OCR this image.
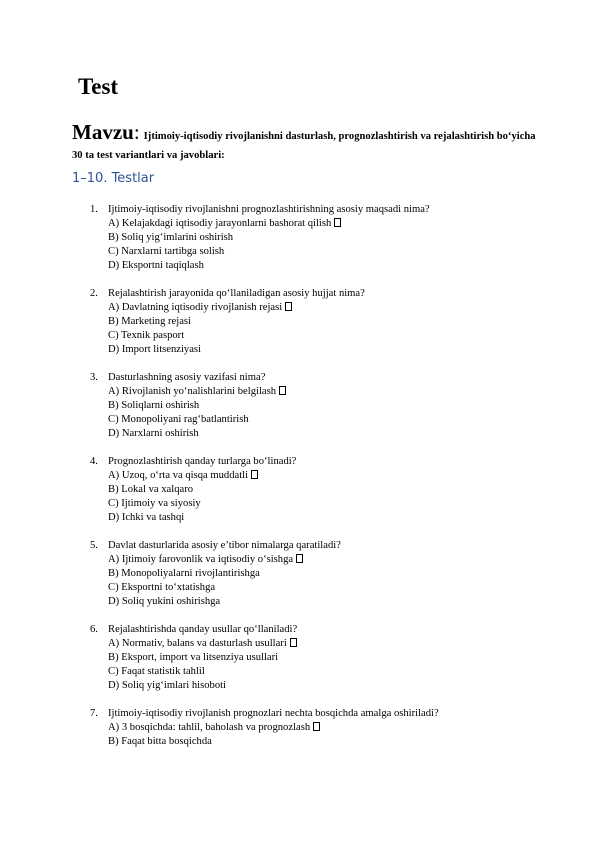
Test

Mavzu: Ijtimoiy-iqtisodiy rivojlanishni dasturlash, prognozlashtirish va rejalashtirish bo‘yicha 30 ta test variantlari va javoblari:

1–10. Testlar
1. Ijtimoiy-iqtisodiy rivojlanishni prognozlashtirishning asosiy maqsadi nima?
A) Kelajakdagi iqtisodiy jarayonlarni bashorat qilish
B) Soliq yig‘imlarini oshirish
C) Narxlarni tartibga solish
D) Eksportni taqiqlash
2. Rejalashtirish jarayonida qo‘llaniladigan asosiy hujjat nima?
A) Davlatning iqtisodiy rivojlanish rejasi
B) Marketing rejasi
C) Texnik pasport
D) Import litsenziyasi
3. Dasturlashning asosiy vazifasi nima?
A) Rivojlanish yo‘nalishlarini belgilash
B) Soliqlarni oshirish
C) Monopoliyani rag‘batlantirish
D) Narxlarni oshirish
4. Prognozlashtirish qanday turlarga bo‘linadi?
A) Uzoq, o‘rta va qisqa muddatli
B) Lokal va xalqaro
C) Ijtimoiy va siyosiy
D) Ichki va tashqi
5. Davlat dasturlarida asosiy e’tibor nimalarga qaratiladi?
A) Ijtimoiy farovonlik va iqtisodiy o‘sishga
B) Monopoliyalarni rivojlantirishga
C) Eksportni to‘xtatishga
D) Soliq yukini oshirishga
6. Rejalashtirishda qanday usullar qo‘llaniladi?
A) Normativ, balans va dasturlash usullari
B) Eksport, import va litsenziya usullari
C) Faqat statistik tahlil
D) Soliq yig‘imlari hisoboti
7. Ijtimoiy-iqtisodiy rivojlanish prognozlari nechta bosqichda amalga oshiriladi?
A) 3 bosqichda: tahlil, baholash va prognozlash
B) Faqat bitta bosqichda
